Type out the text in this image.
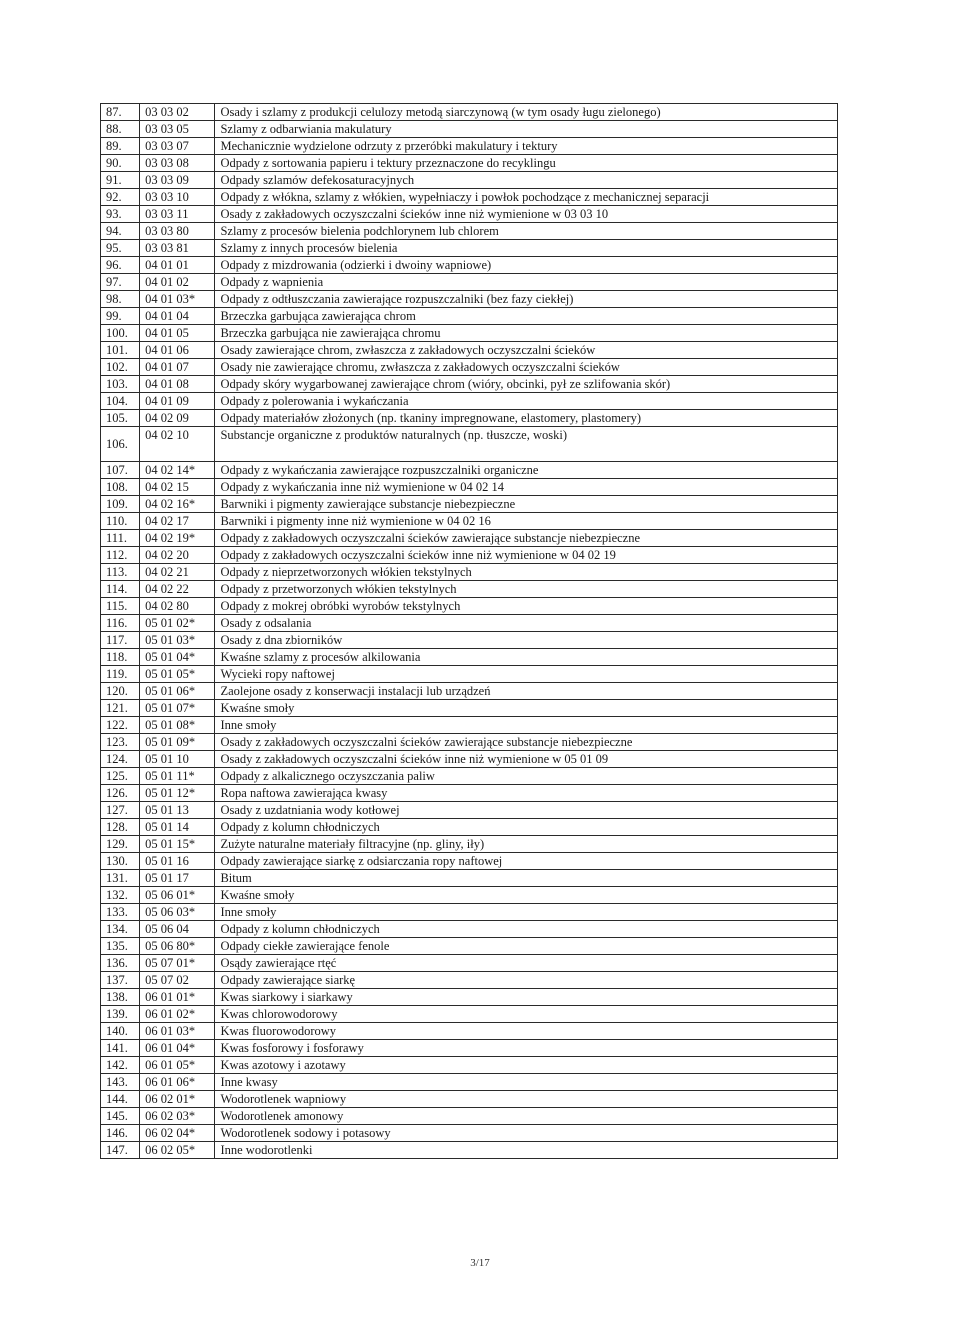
87.	03 03 02	Osady i szlamy z produkcji celulozy metodą siarczynową (w tym osady ługu zielonego)
88.	03 03 05	Szlamy z odbarwiania makulatury
89.	03 03 07	Mechanicznie wydzielone odrzuty z przeróbki makulatury i tektury
90.	03 03 08	Odpady z sortowania papieru i tektury przeznaczone do recyklingu
91.	03 03 09	Odpady szlamów defekosaturacyjnych
92.	03 03 10	Odpady z włókna, szlamy z włókien, wypełniaczy i powłok pochodzące z mechanicznej separacji
93.	03 03 11	Osady z zakładowych oczyszczalni ścieków inne niż wymienione w 03 03 10
94.	03 03 80	Szlamy z procesów bielenia podchlorynem lub chlorem
95.	03 03 81	Szlamy z innych procesów bielenia
96.	04 01 01	Odpady z mizdrowania (odzierki i dwoiny wapniowe)
97.	04 01 02	Odpady z wapnienia
98.	04 01 03*	Odpady z odtłuszczania zawierające rozpuszczalniki (bez fazy ciekłej)
99.	04 01 04	Brzeczka garbująca zawierająca chrom
100.	04 01 05	Brzeczka garbująca nie zawierająca chromu
101.	04 01 06	Osady zawierające chrom, zwłaszcza z zakładowych oczyszczalni ścieków
102.	04 01 07	Osady nie zawierające chromu, zwłaszcza z zakładowych oczyszczalni ścieków
103.	04 01 08	Odpady skóry wygarbowanej zawierające chrom (wióry, obcinki, pył ze szlifowania skór)
104.	04 01 09	Odpady z polerowania i wykańczania
105.	04 02 09	Odpady materiałów złożonych (np. tkaniny impregnowane, elastomery, plastomery)
106.	04 02 10	Substancje organiczne z produktów naturalnych (np. tłuszcze, woski)
107.	04 02 14*	Odpady z wykańczania zawierające rozpuszczalniki organiczne
108.	04 02 15	Odpady z wykańczania inne niż wymienione w 04 02 14
109.	04 02 16*	Barwniki i pigmenty zawierające substancje niebezpieczne
110.	04 02 17	Barwniki i pigmenty inne niż wymienione w 04 02 16
111.	04 02 19*	Odpady z zakładowych oczyszczalni ścieków zawierające substancje niebezpieczne
112.	04 02 20	Odpady z zakładowych oczyszczalni ścieków inne niż wymienione w 04 02 19
113.	04 02 21	Odpady z nieprzetworzonych włókien tekstylnych
114.	04 02 22	Odpady z przetworzonych włókien tekstylnych
115.	04 02 80	Odpady z mokrej obróbki wyrobów tekstylnych
116.	05 01 02*	Osady z odsalania
117.	05 01 03*	Osady z dna zbiorników
118.	05 01 04*	Kwaśne szlamy z procesów alkilowania
119.	05 01 05*	Wycieki ropy naftowej
120.	05 01 06*	Zaolejone osady z konserwacji instalacji lub urządzeń
121.	05 01 07*	Kwaśne smoły
122.	05 01 08*	Inne smoły
123.	05 01 09*	Osady z zakładowych oczyszczalni ścieków zawierające substancje niebezpieczne
124.	05 01 10	Osady z zakładowych oczyszczalni ścieków inne niż wymienione w 05 01 09
125.	05 01 11*	Odpady z alkalicznego oczyszczania paliw
126.	05 01 12*	Ropa naftowa zawierająca kwasy
127.	05 01 13	Osady z uzdatniania wody kotłowej
128.	05 01 14	Odpady z kolumn chłodniczych
129.	05 01 15*	Zużyte naturalne materiały filtracyjne (np. gliny, iły)
130.	05 01 16	Odpady zawierające siarkę z odsiarczania ropy naftowej
131.	05 01 17	Bitum
132.	05 06 01*	Kwaśne smoły
133.	05 06 03*	Inne smoły
134.	05 06 04	Odpady z kolumn chłodniczych
135.	05 06 80*	Odpady ciekłe zawierające fenole
136.	05 07 01*	Osądy zawierające rtęć
137.	05 07 02	Odpady zawierające siarkę
138.	06 01 01*	Kwas siarkowy i siarkawy
139.	06 01 02*	Kwas chlorowodorowy
140.	06 01 03*	Kwas fluorowodorowy
141.	06 01 04*	Kwas fosforowy i fosforawy
142.	06 01 05*	Kwas azotowy i azotawy
143.	06 01 06*	Inne kwasy
144.	06 02 01*	Wodorotlenek wapniowy
145.	06 02 03*	Wodorotlenek amonowy
146.	06 02 04*	Wodorotlenek sodowy i potasowy
147.	06 02 05*	Inne wodorotlenki
3/17
